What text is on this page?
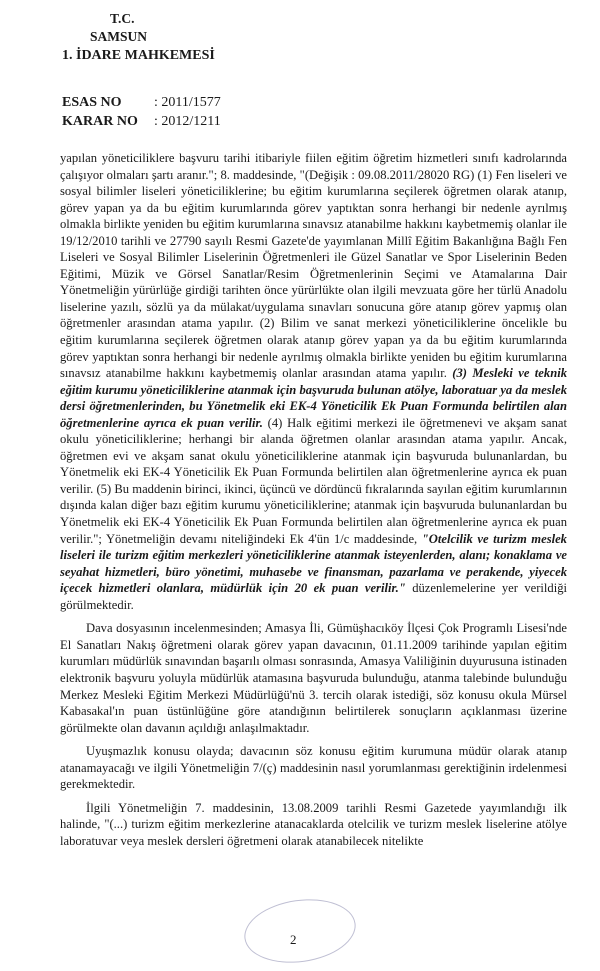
T.C.
SAMSUN
1. İDARE MAHKEMESİ
ESAS NO	: 2011/1577
KARAR NO	: 2012/1211

yapılan yöneticiliklere başvuru tarihi itibariyle fiilen eğitim öğretim hizmetleri sınıfı kadrolarında çalışıyor olmaları şartı aranır."; 8. maddesinde, "(Değişik : 09.08.2011/28020 RG) (1) Fen liseleri ve sosyal bilimler liseleri yöneticiliklerine; bu eğitim kurumlarına seçilerek öğretmen olarak atanıp, görev yapan ya da bu eğitim kurumlarında görev yaptıktan sonra herhangi bir nedenle ayrılmış olmakla birlikte yeniden bu eğitim kurumlarına sınavsız atanabilme hakkını kaybetmemiş olanlar ile 19/12/2010 tarihli ve 27790 sayılı Resmi Gazete'de yayımlanan Millî Eğitim Bakanlığına Bağlı Fen Liseleri ve Sosyal Bilimler Liselerinin Öğretmenleri ile Güzel Sanatlar ve Spor Liselerinin Beden Eğitimi, Müzik ve Görsel Sanatlar/Resim Öğretmenlerinin Seçimi ve Atamalarına Dair Yönetmeliğin yürürlüğe girdiği tarihten önce yürürlükte olan ilgili mevzuata göre her türlü Anadolu liselerine yazılı, sözlü ya da mülakat/uygulama sınavları sonucuna göre atanıp görev yapmış olan öğretmenler arasından atama yapılır. (2) Bilim ve sanat merkezi yöneticiliklerine öncelikle bu eğitim kurumlarına seçilerek öğretmen olarak atanıp görev yapan ya da bu eğitim kurumlarında görev yaptıktan sonra herhangi bir nedenle ayrılmış olmakla birlikte yeniden bu eğitim kurumlarına sınavsız atanabilme hakkını kaybetmemiş olanlar arasından atama yapılır. (3) Mesleki ve teknik eğitim kurumu yöneticiliklerine atanmak için başvuruda bulunan atölye, laboratuar ya da meslek dersi öğretmenlerinden, bu Yönetmelik eki EK-4 Yöneticilik Ek Puan Formunda belirtilen alan öğretmenlerine ayrıca ek puan verilir. (4) Halk eğitimi merkezi ile öğretmenevi ve akşam sanat okulu yöneticiliklerine; herhangi bir alanda öğretmen olanlar arasından atama yapılır. Ancak, öğretmen evi ve akşam sanat okulu yöneticiliklerine atanmak için başvuruda bulunanlardan, bu Yönetmelik eki EK-4 Yöneticilik Ek Puan Formunda belirtilen alan öğretmenlerine ayrıca ek puan verilir. (5) Bu maddenin birinci, ikinci, üçüncü ve dördüncü fıkralarında sayılan eğitim kurumlarının dışında kalan diğer bazı eğitim kurumu yöneticiliklerine; atanmak için başvuruda bulunanlardan bu Yönetmelik eki EK-4 Yöneticilik Ek Puan Formunda belirtilen alan öğretmenlerine ayrıca ek puan verilir."; Yönetmeliğin devamı niteliğindeki Ek 4'ün 1/c maddesinde, "Otelcilik ve turizm meslek liseleri ile turizm eğitim merkezleri yöneticiliklerine atanmak isteyenlerden, alanı; konaklama ve seyahat hizmetleri, büro yönetimi, muhasebe ve finansman, pazarlama ve perakende, yiyecek içecek hizmetleri olanlara, müdürlük için 20 ek puan verilir." düzenlemelerine yer verildiği görülmektedir.

Dava dosyasının incelenmesinden; Amasya İli, Gümüşhacıköy İlçesi Çok Programlı Lisesi'nde El Sanatları Nakış öğretmeni olarak görev yapan davacının, 01.11.2009 tarihinde yapılan eğitim kurumları müdürlük sınavından başarılı olması sonrasında, Amasya Valiliğinin duyurusuna istinaden elektronik başvuru yoluyla müdürlük atamasına başvuruda bulunduğu, atanma talebinde bulunduğu Merkez Mesleki Eğitim Merkezi Müdürlüğü'nü 3. tercih olarak istediği, söz konusu okula Mürsel Kabasakal'ın puan üstünlüğüne göre atandığının belirtilerek sonuçların açıklanması üzerine görülmekte olan davanın açıldığı anlaşılmaktadır.

Uyuşmazlık konusu olayda; davacının söz konusu eğitim kurumuna müdür olarak atanıp atanamayacağı ve ilgili Yönetmeliğin 7/(ç) maddesinin nasıl yorumlanması gerektiğinin irdelenmesi gerekmektedir.

İlgili Yönetmeliğin 7. maddesinin, 13.08.2009 tarihli Resmi Gazetede yayımlandığı ilk halinde, "(...) turizm eğitim merkezlerine atanacaklarda otelcilik ve turizm meslek liselerine atölye laboratuvar veya meslek dersleri öğretmeni olarak atanabilecek nitelikte

2
